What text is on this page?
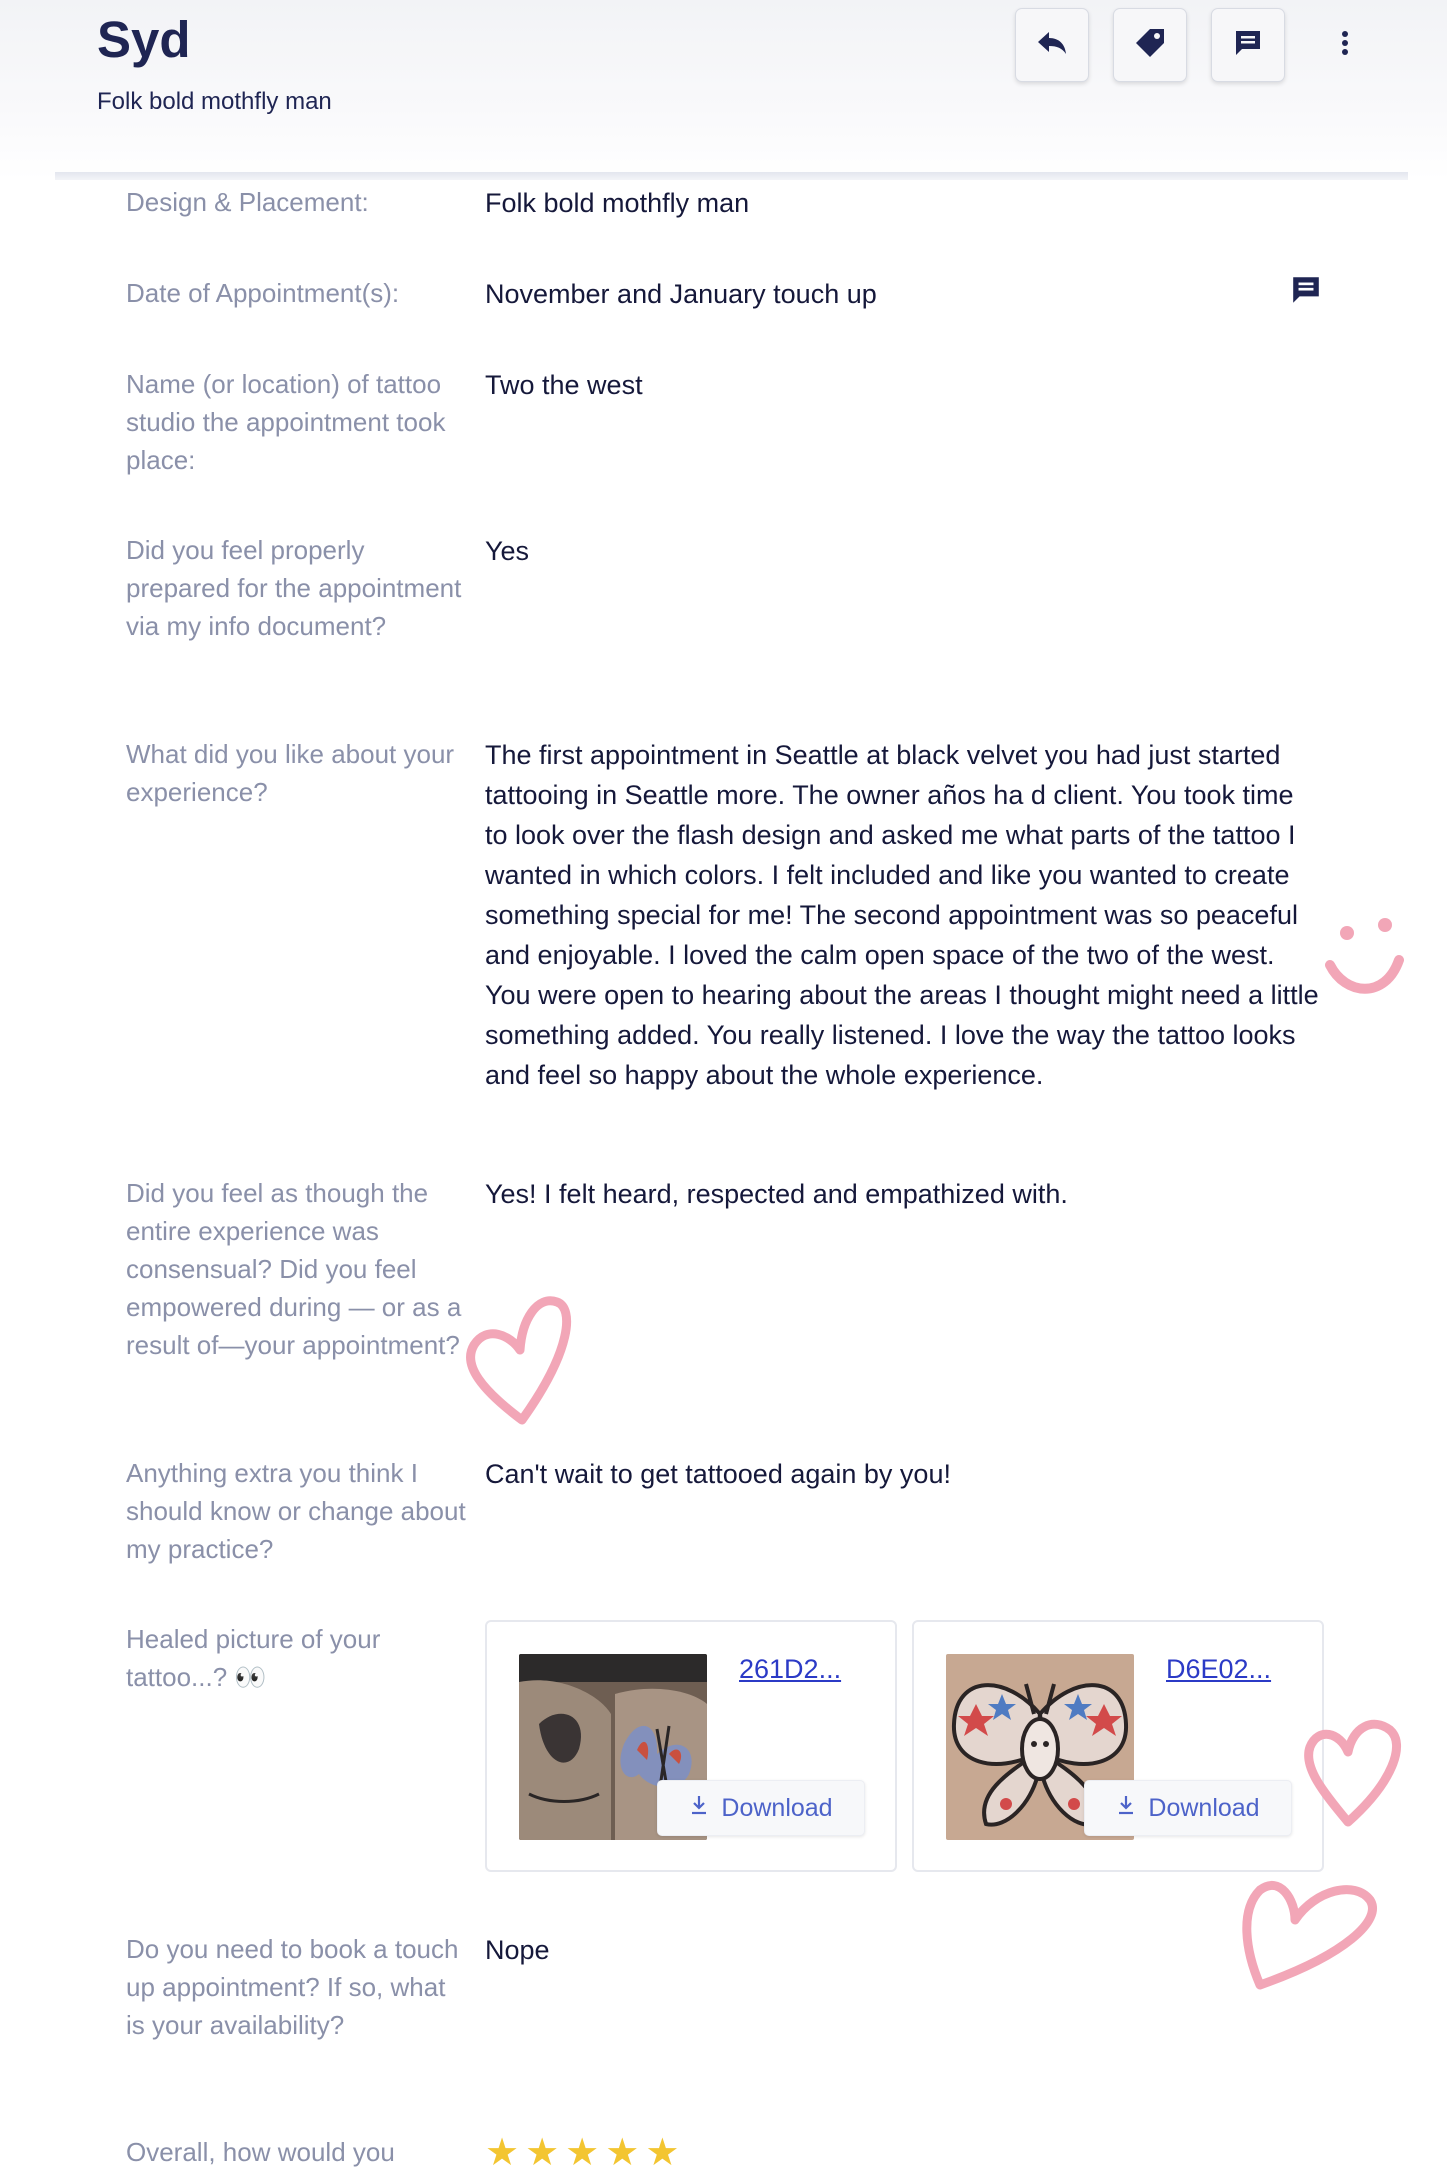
Syd
Folk bold mothfly man
Design & Placement:	Folk bold mothfly man
Date of Appointment(s):	November and January touch up
Name (or location) of tattoo studio the appointment took place:
Two the west
Did you feel properly prepared for the appointment via my info document?
Yes
What did you like about your experience?
The first appointment in Seattle at black velvet you had just started tattooing in Seattle more. The owner años ha d client. You took time to look over the flash design and asked me what parts of the tattoo I wanted in which colors. I felt included and like you wanted to create something special for me! The second appointment was so peaceful and enjoyable. I loved the calm open space of the two of the west. You were open to hearing about the areas I thought might need a little something added. You really listened. I love the way the tattoo looks and feel so happy about the whole experience.
Did you feel as though the entire experience was consensual? Did you feel empowered during — or as a result of—your appointment?
Yes! I felt heard, respected and empathized with.
Anything extra you think I should know or change about my practice?
Can't wait to get tattooed again by you!
Healed picture of your tattoo...? 👀	261D2...
Download
D6E02...
Download
Do you need to book a touch up appointment? If so, what is your availability?
Nope
Overall, how would you	★ ★ ★ ★ ★
